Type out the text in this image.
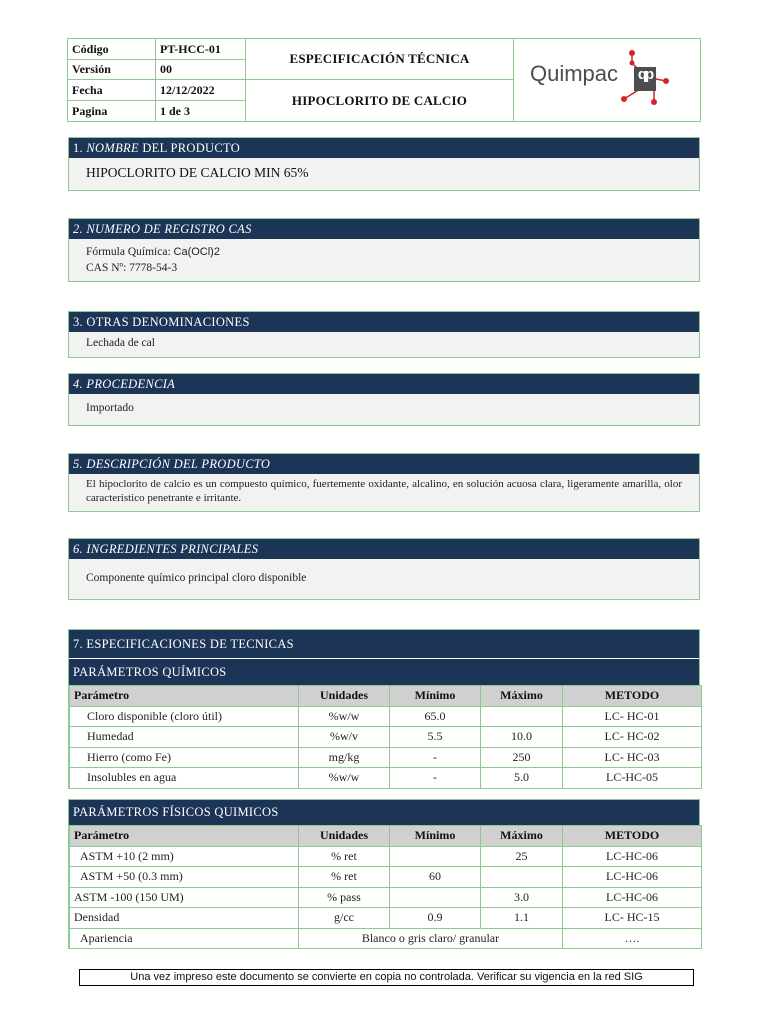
Código	PT-HCC-01
Versión	00
Fecha	12/12/2022
Pagina	1 de 3
ESPECIFICACIÓN TÉCNICA
HIPOCLORITO DE CALCIO
Quimpac qp
1. NOMBRE DEL PRODUCTO
HIPOCLORITO DE CALCIO MIN 65%
2. NUMERO DE REGISTRO CAS
Fórmula Química: Ca(OCl)2
CAS Nº: 7778-54-3
3. OTRAS DENOMINACIONES
Lechada de cal
4. PROCEDENCIA
Importado
5. DESCRIPCIÓN DEL PRODUCTO
El hipoclorito de calcio es un compuesto químico, fuertemente oxidante, alcalino, en solución acuosa clara, ligeramente amarilla, olor característico penetrante e irritante.
6. INGREDIENTES PRINCIPALES
Componente químico principal cloro disponible
7. ESPECIFICACIONES DE TECNICAS
PARÁMETROS QUÍMICOS
Parámetro	Unidades	Mínimo	Máximo	METODO
Cloro disponible (cloro útil)	%w/w	65.0		LC- HC-01
Humedad	%w/v	5.5	10.0	LC- HC-02
Hierro (como Fe)	mg/kg	-	250	LC- HC-03
Insolubles en agua	%w/w	-	5.0	LC-HC-05
PARÁMETROS FÍSICOS QUIMICOS
Parámetro	Unidades	Mínimo	Máximo	METODO
ASTM +10 (2 mm)	% ret		25	LC-HC-06
ASTM +50 (0.3 mm)	% ret	60		LC-HC-06
ASTM -100 (150 UM)	% pass		3.0	LC-HC-06
Densidad	g/cc	0.9	1.1	LC- HC-15
Apariencia	Blanco o gris claro/ granular			….
Una vez impreso este documento se convierte en copia no controlada. Verificar su vigencia en la red SIG
